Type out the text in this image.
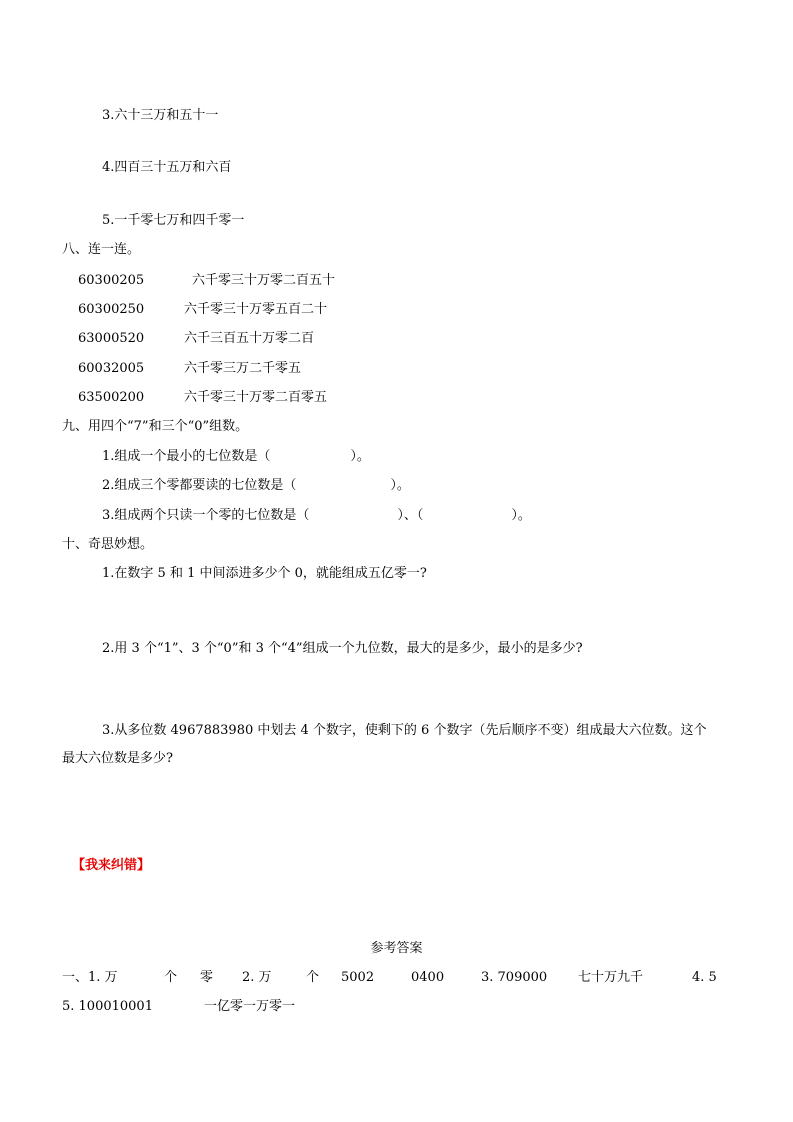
3.六十三万和五十一
4.四百三十五万和六百
5.一千零七万和四千零一
八、连一连。
60300205	六千零三十万零二百五十
60300250	六千零三十万零五百二十
63000520	六千三百五十万零二百
60032005	六千零三万二千零五
63500200	六千零三十万零二百零五
九、用四个“7”和三个“0”组数。
1.组成一个最小的七位数是（	）。
2.组成三个零都要读的七位数是（	）。
3.组成两个只读一个零的七位数是（	）、（	）。
十、奇思妙想。
1.在数字 5 和 1 中间添进多少个 0，就能组成五亿零一?
2.用 3 个“1”、3 个“0”和 3 个“4”组成一个九位数，最大的是多少，最小的是多少?
3.从多位数 4967883980 中划去 4 个数字，使剩下的 6 个数字（先后顺序不变）组成最大六位数。这个
最大六位数是多少?
【我来纠错】
参考答案
一、1. 万	个 零 2. 万	个 5002	0400	3. 709000 七十万九千	4. 5
5. 100010001	一亿零一万零一
